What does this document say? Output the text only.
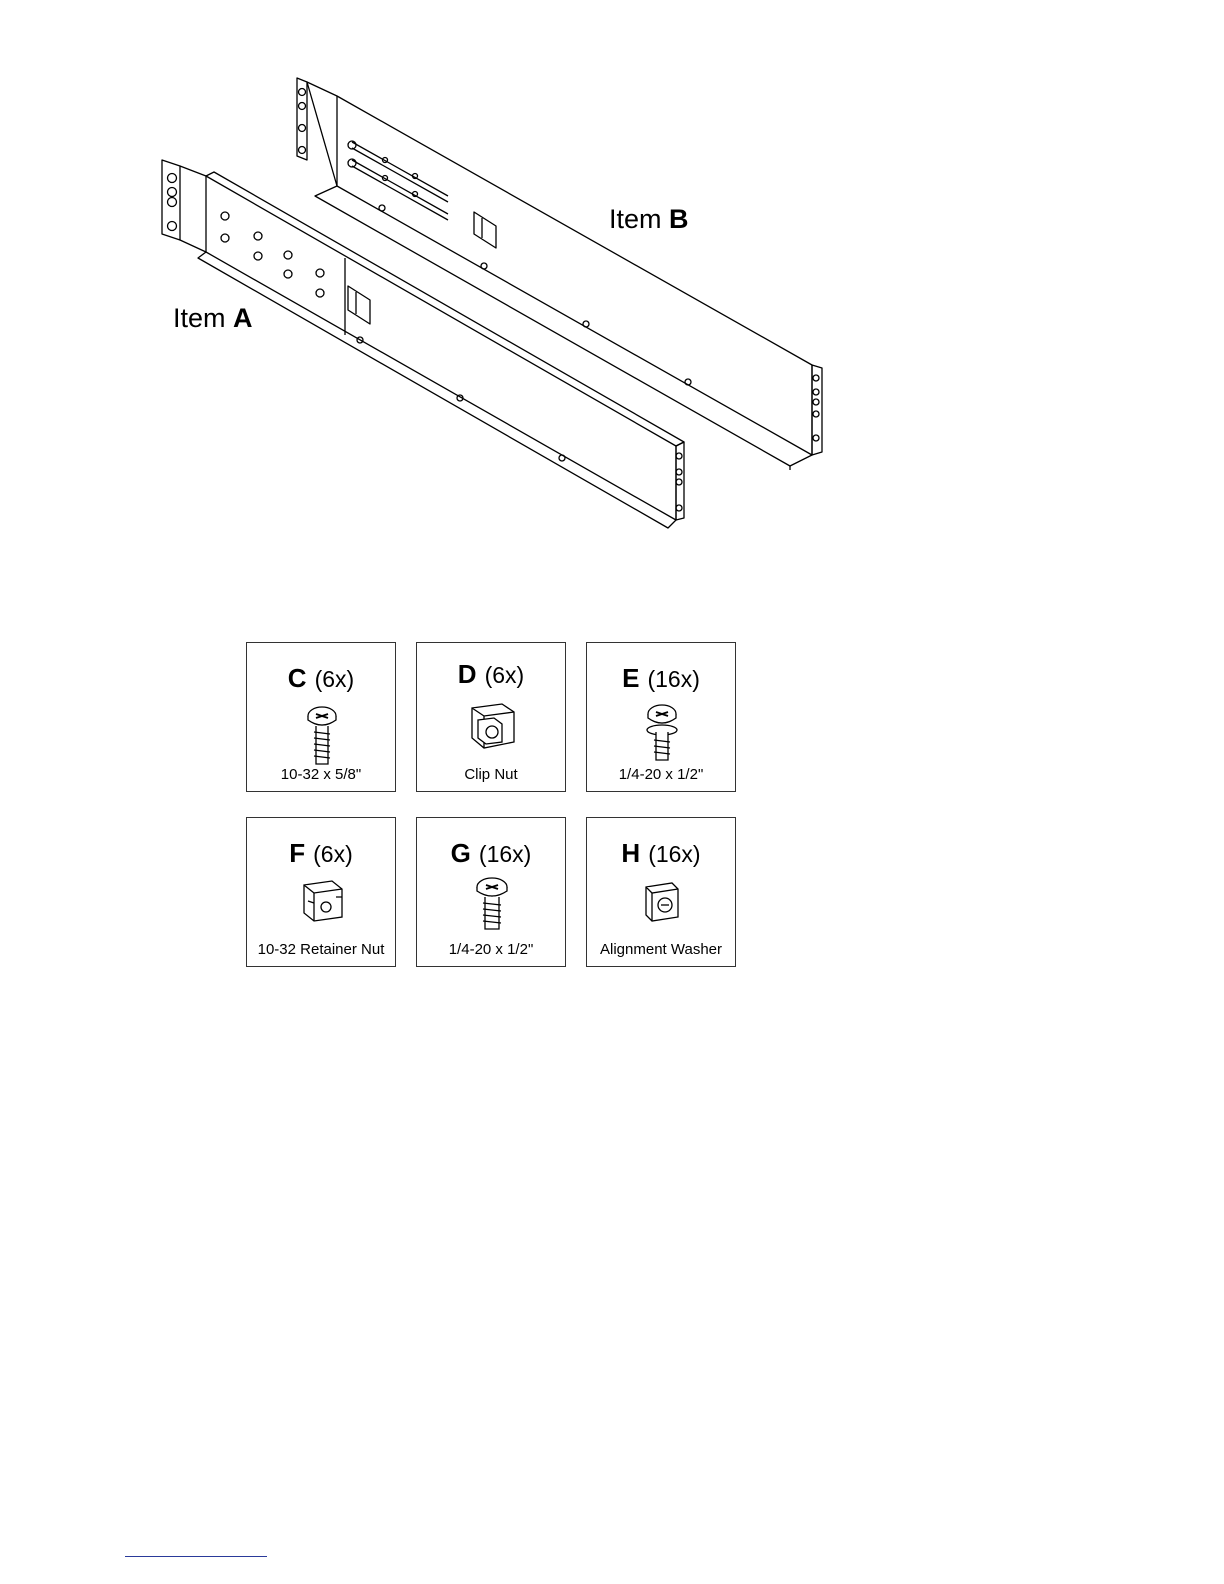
Item B
Item A
C (6x)
10-32 x 5/8"
D (6x)
Clip Nut
E (16x)
1/4-20 x 1/2"
F (6x)
10-32 Retainer Nut
G (16x)
1/4-20 x 1/2"
H (16x)
Alignment Washer
